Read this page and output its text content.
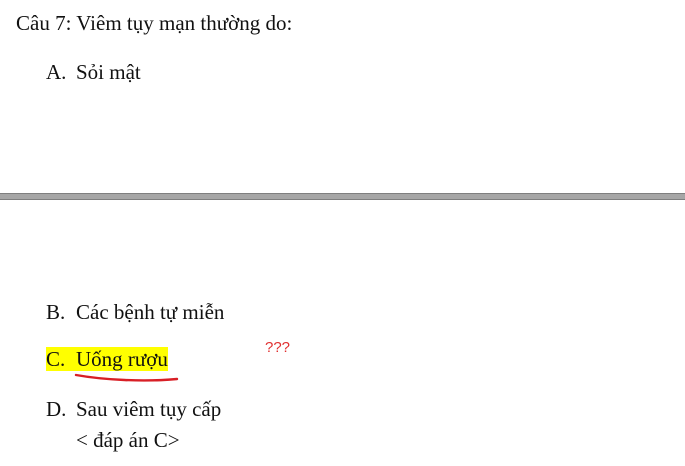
Câu 7: Viêm tụy mạn thường do:
A. Sỏi mật
B. Các bệnh tự miễn
C. Uống rượu	???
D. Sau viêm tụy cấp
< đáp án C>
